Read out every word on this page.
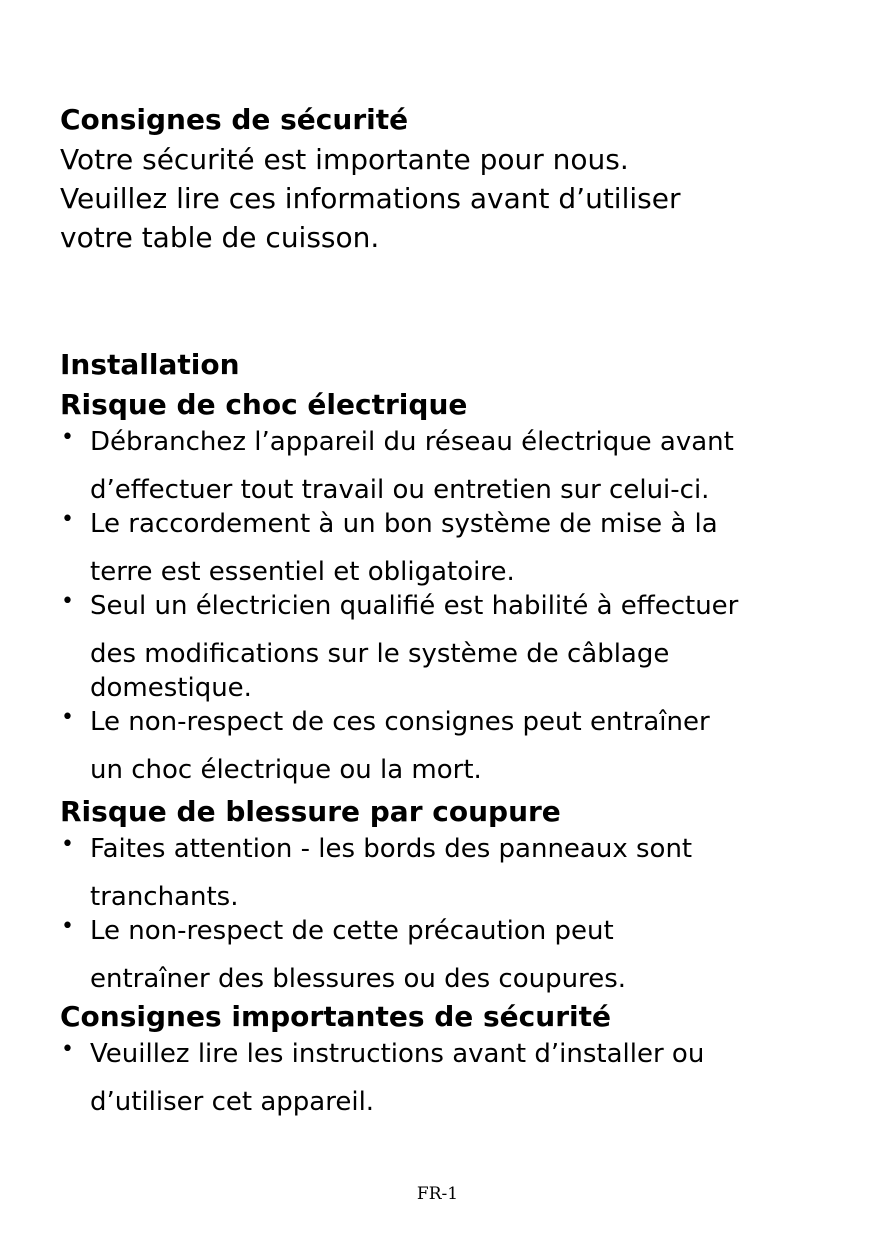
Consignes de sécurité

Votre sécurité est importante pour nous.

Veuillez lire ces informations avant d’utiliser

votre table de cuisson.

Installation
Risque de choc électrique
• Débranchez l’appareil du réseau électrique avant
d’effectuer tout travail ou entretien sur celui-ci.
• Le raccordement à un bon système de mise à la
terre est essentiel et obligatoire.
• Seul un électricien qualifié est habilité à effectuer
des modifications sur le système de câblage
domestique.
• Le non-respect de ces consignes peut entraîner
un choc électrique ou la mort.
Risque de blessure par coupure
• Faites attention - les bords des panneaux sont
tranchants.
• Le non-respect de cette précaution peut
entraîner des blessures ou des coupures.
Consignes importantes de sécurité
• Veuillez lire les instructions avant d’installer ou
d’utiliser cet appareil.
FR-1
